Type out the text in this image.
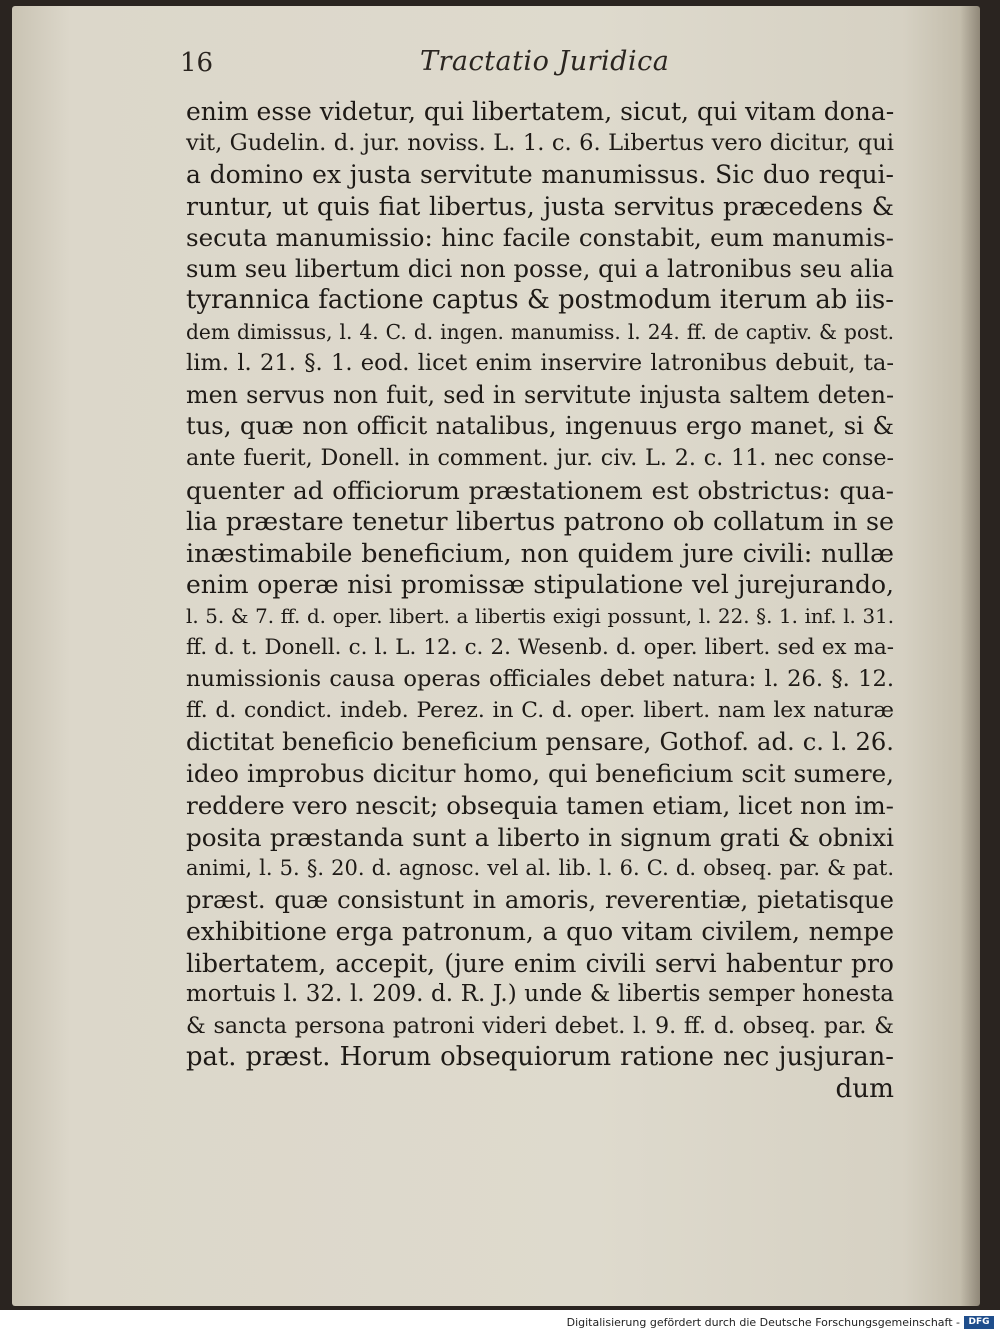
16	Tractatio Juridica
enim esse videtur, qui libertatem, sicut, qui vitam dona-
vit, Gudelin. d. jur. noviss. L. 1. c. 6. Libertus vero dicitur, qui
a domino ex justa servitute manumissus. Sic duo requi-
runtur, ut quis fiat libertus, justa servitus præcedens &
secuta manumissio: hinc facile constabit, eum manumis-
sum seu libertum dici non posse, qui a latronibus seu alia
tyrannica factione captus & postmodum iterum ab iis-
dem dimissus, l. 4. C. d. ingen. manumiss. l. 24. ff. de captiv. & post.
lim. l. 21. §. 1. eod. licet enim inservire latronibus debuit, ta-
men servus non fuit, sed in servitute injusta saltem deten-
tus, quæ non officit natalibus, ingenuus ergo manet, si &
ante fuerit, Donell. in comment. jur. civ. L. 2. c. 11. nec conse-
quenter ad officiorum præstationem est obstrictus: qua-
lia præstare tenetur libertus patrono ob collatum in se
inæstimabile beneficium, non quidem jure civili: nullæ
enim operæ nisi promissæ stipulatione vel jurejurando,
l. 5. & 7. ff. d. oper. libert. a libertis exigi possunt, l. 22. §. 1. inf. l. 31.
ff. d. t. Donell. c. l. L. 12. c. 2. Wesenb. d. oper. libert. sed ex ma-
numissionis causa operas officiales debet natura: l. 26. §. 12.
ff. d. condict. indeb. Perez. in C. d. oper. libert. nam lex naturæ
dictitat beneficio beneficium pensare, Gothof. ad. c. l. 26.
ideo improbus dicitur homo, qui beneficium scit sumere,
reddere vero nescit; obsequia tamen etiam, licet non im-
posita præstanda sunt a liberto in signum grati & obnixi
animi, l. 5. §. 20. d. agnosc. vel al. lib. l. 6. C. d. obseq. par. & pat.
præst. quæ consistunt in amoris, reverentiæ, pietatisque
exhibitione erga patronum, a quo vitam civilem, nempe
libertatem, accepit, (jure enim civili servi habentur pro
mortuis l. 32. l. 209. d. R. J.) unde & libertis semper honesta
& sancta persona patroni videri debet. l. 9. ff. d. obseq. par. &
pat. præst. Horum obsequiorum ratione nec jusjuran-
dum
Digitalisierung gefördert durch die Deutsche Forschungsgemeinschaft - DFG
